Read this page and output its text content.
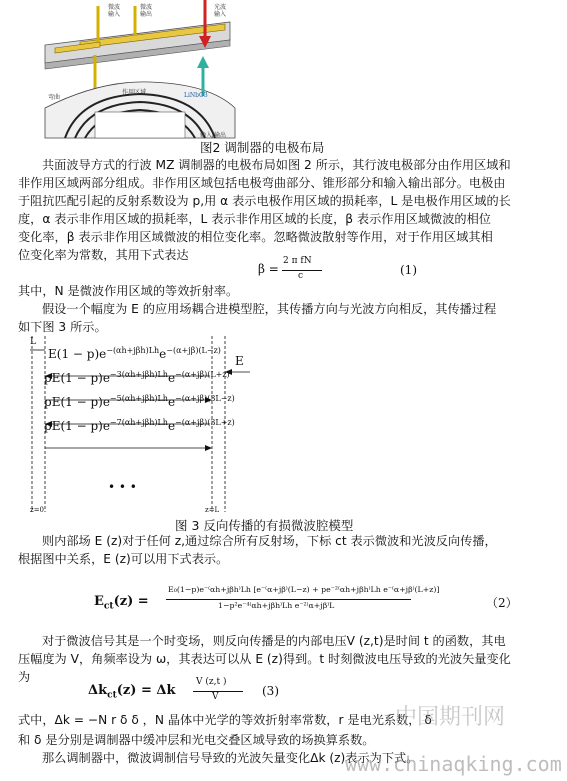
LiNbO3
微波
输入
微波
输出
光波
输入
弯曲
作用区域
输入/输出
图2 调制器的电极布局
共面波导方式的行波 MZ 调制器的电极布局如图 2 所示，其行波电极部分由作用区域和
非作用区域两部分组成。非作用区域包括电极弯曲部分、锥形部分和输入输出部分。电极由
于阻抗匹配引起的反射系数设为 p,用 α 表示电极作用区域的损耗率，L 是电极作用区域的长
度，α 表示非作用区域的损耗率，L 表示非作用区域的长度，β 表示作用区域微波的相位
变化率，β 表示非作用区域微波的相位变化率。忽略微波散射等作用，对于作用区域其相
位变化率为常数，其用下式表达
β =
2 π fN
c	(1)
其中，N 是微波作用区域的等效折射率。
假设一个幅度为 E 的应用场耦合进模型腔，其传播方向与光波方向相反，其传播过程
如下图 3 所示。
L
E
$E(1 - p)e^{-(\alpha h+j\beta h)Lh}e^{-(\alpha+j\beta)(L-z)}$
$pE(1 - p)e^{-3(\alpha h+j\beta h)Lh}e^{-(\alpha+j\beta)(L+z)}$
$pE(1 - p)e^{-5(\alpha h+j\beta h)Lh}e^{-(\alpha+j\beta)(3L-z)}$
$pE(1 - p)e^{-7(\alpha h+j\beta h)Lh}e^{-(\alpha+j\beta)(3L+z)}$
• • •
z=0	z=L
图 3 反向传播的有损微波腔模型
则内部场 E (z)对于任何 z,通过综合所有反射场，下标 ct 表示微波和光波反向传播，
根据图中关系，E (z)可以用下式表示。
$E_{ct}(z)$ =
E₀(1−p)e⁻⁽αh+jβh⁾Lh [e⁻⁽α+jβ⁾(L−z) + pe⁻²⁽αh+jβh⁾Lh e⁻⁽α+jβ⁾(L+z)]
1−p²e⁻⁴⁽αh+jβh⁾Lh e⁻²⁽α+jβ⁾L	（2）
对于微波信号其是一个时变场，则反向传播是的内部电压V (z,t)是时间 t 的函数，其电
压幅度为 V，角频率设为 ω，其表达可以从 E (z)得到。t 时刻微波电压导致的光波矢量变化
为
$\Delta k_{ct}(z) = \Delta k$
V (z,t )
V	(3)
式中，Δk = −N r δ δ ，N 晶体中光学的等效折射率常数，r 是电光系数， δ
和 δ 是分别是调制器中缓冲层和光电交叠区域导致的场换算系数。
那么调制器中，微波调制信号导致的光波矢量变化Δk (z)表示为下式。
中国期刊网
www.chinaqking.com
